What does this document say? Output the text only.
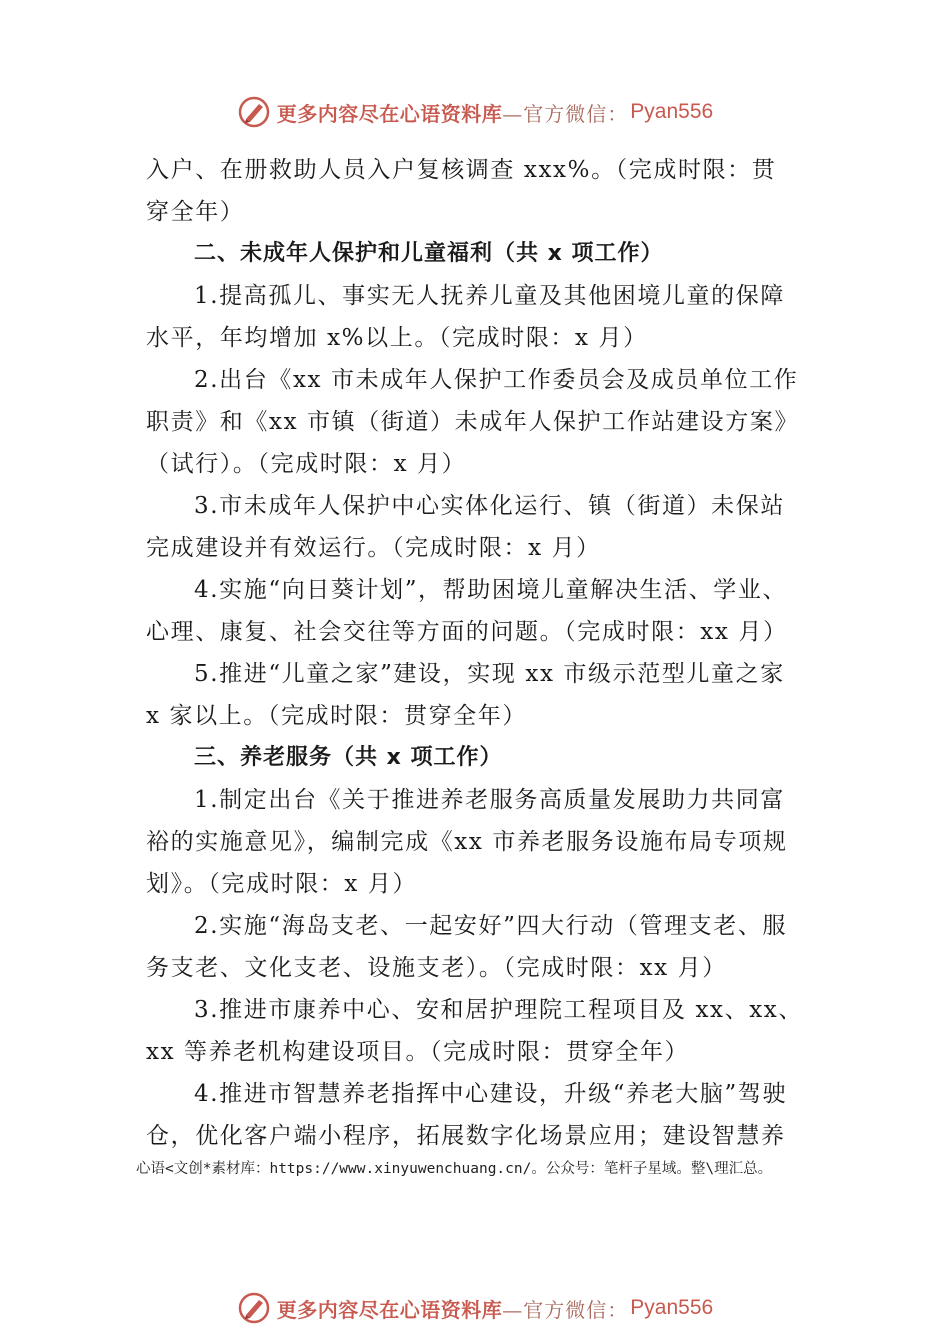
更多内容尽在心语资料库 —官方微信： Pyan556
入户、在册救助人员入户复核调查 xxx%。（完成时限：贯
穿全年）
二、未成年人保护和儿童福利（共 x 项工作）
1.提高孤儿、事实无人抚养儿童及其他困境儿童的保障
水平，年均增加 x%以上。（完成时限：x 月）
2.出台《xx 市未成年人保护工作委员会及成员单位工作
职责》和《xx 市镇（街道）未成年人保护工作站建设方案》
（试行）。（完成时限：x 月）
3.市未成年人保护中心实体化运行、镇（街道）未保站
完成建设并有效运行。（完成时限：x 月）
4.实施“向日葵计划”，帮助困境儿童解决生活、学业、
心理、康复、社会交往等方面的问题。（完成时限：xx 月）
5.推进“儿童之家”建设，实现 xx 市级示范型儿童之家
x 家以上。（完成时限：贯穿全年）
三、养老服务（共 x 项工作）
1.制定出台《关于推进养老服务高质量发展助力共同富
裕的实施意见》，编制完成《xx 市养老服务设施布局专项规
划》。（完成时限：x 月）
2.实施“海岛支老、一起安好”四大行动（管理支老、服
务支老、文化支老、设施支老）。（完成时限：xx 月）
3.推进市康养中心、安和居护理院工程项目及 xx、xx、
xx 等养老机构建设项目。（完成时限：贯穿全年）
4.推进市智慧养老指挥中心建设，升级“养老大脑”驾驶
仓，优化客户端小程序，拓展数字化场景应用；建设智慧养
心语<文创*素材库：https://www.xinyuwenchuang.cn/。公众号：笔杆子星域。整\理汇总。
更多内容尽在心语资料库 —官方微信： Pyan556
